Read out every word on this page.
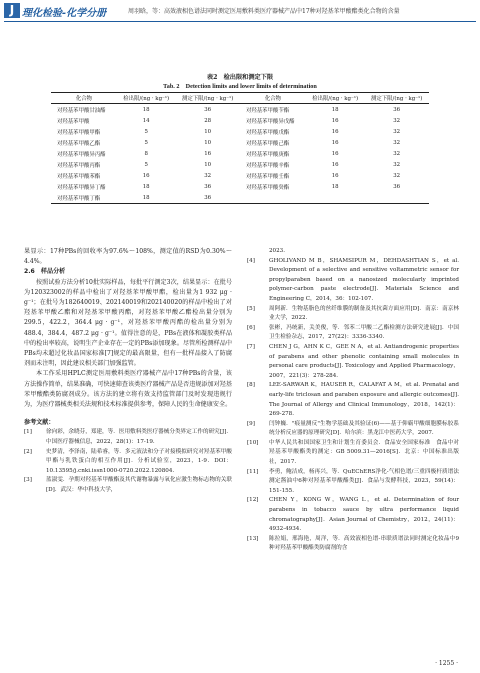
J 理化检验-化学分册	周羽晗，等：高效液相色谱法同时测定医用敷料类医疗器械产品中17种对羟基苯甲酸酯类化合物的含量
表2　检出限和测定下限
Tab. 2　Detection limits and lower limits of determination
化合物	检出限/(ng · kg⁻¹)	测定下限/(ng · kg⁻¹)	化合物	检出限/(ng · kg⁻¹)	测定下限/(ng · kg⁻¹)
对羟基苯甲酸甘油酯	18	36	对羟基苯甲酸苄酯	18	36
对羟基苯甲酸	14	28	对羟基苯甲酸异戊酯	16	32
对羟基苯甲酸甲酯	5	10	对羟基苯甲酸戊酯	16	32
对羟基苯甲酸乙酯	5	10	对羟基苯甲酸己酯	16	32
对羟基苯甲酸异丙酯	8	16	对羟基苯甲酸庚酯	16	32
对羟基苯甲酸丙酯	5	10	对羟基苯甲酸辛酯	16	32
对羟基苯甲酸苯酯	16	32	对羟基苯甲酸壬酯	16	32
对羟基苯甲酸异丁酯	18	36	对羟基苯甲酸癸酯	18	36
对羟基苯甲酸丁酯	18	36			

果显示：17种PBs的回收率为97.6%～108%，测定值的RSD为0.30%～4.4%。

2.6　样品分析

按照试验方法分析10批实际样品，每批平行测定3次，结果显示：在批号为120323002的样品中检出了对羟基苯甲酸甲酯，检出量为1 932 μg · g⁻¹；在批号为182640019、202140019和202140020的样品中检出了对羟基苯甲酸乙酯和对羟基苯甲酸丙酯，对羟基苯甲酸乙酯检出量分别为299.5，422.2，364.4 μg · g⁻¹，对羟基苯甲酸丙酯的检出量分别为488.4，384.4，487.2 μg · g⁻¹。值得注意的是，PBs在液体和凝胶类样品中的检出率较高，说明生产企业存在一定的PBs添加现象。尽管所检测样品中PBs均未超过化妆品国家标准[7]规定的最高限量，但有一批样品接入了防腐剂而未注明，因此建议相关部门加强监管。

本工作采用HPLC测定医用敷料类医疗器械产品中17种PBs的含量，该方法操作简单，结果准确，可快速筛查该类医疗器械产品是否违规添加对羟基苯甲酸酯类防腐剂成分。该方法的建立将有效支持监管部门及时发现违规行为，为医疗器械类相关法规和技术标准提供参考，保障人民的生命健康安全。

参考文献：

[1]	徐向彩，余晓芬，郑建，等．医用敷料类医疗器械分类界定工作的研究[J]．中国医疗器械信息，2022，28(1)：17-19.

[2]	史梦清，李泽南，陆希睿，等．多元液法和分子对接模拟研究对羟基苯甲酸甲酯与乳铁蛋白的相互作用[J]．分析试验室，2023，1-9．DOI：10.13595/j.cnki.issn1000-0720.2022.120804.

[3]	蓝淑雯．孕期对羟基苯甲酸酯及其代谢物暴露与氧化应激生物标志物的关联[D]．武汉：华中科技大学，

2023.

[4]	GHOLIVAND M B，SHAMSIPUR M，DEHDASHTIAN S，et al. Development of a selective and sensitive voltammetric sensor for propylparaben based on a nanosized molecularly imprinted polymer-carbon paste electrode[J]. Materials Science and Engineering C，2014，36：102-107.

[5]	周阿新．生物基脂色的丝纤维膜的制备及其抗菌方面应用[D]．南京：南京林业大学，2022.

[6]	张彬，冯统新，关美俊，等．邻苯二甲酸二乙酯检测方法研究进展[J]．中国卫生检验杂志，2017，27(22)：3336-3340.

[7]	CHEN J G，AHN K C，GEE N A，et al. Antiandrogenic properties of parabens and other phenolic containing small molecules in personal care products[J]. Toxicology and Applied Pharmacology，2007，221(3)：278-284.

[8]	LEE-SARWAR K，HAUSER R，CALAFAT A M，et al. Prenatal and early-life triclosan and paraben exposure and allergic outcomes[J]. The Journal of Allergy and Clinical Immunology，2018，142(1)：269-278.

[9]	闫钟巍．"痕量测反"生物学基础及其验证(6)——基于仰霸甲酸细胞膜标胶系统分析反应器的原理研究[D]．哈尔滨：黑龙江中医药大学，2007.

[10] 中华人民共和国国家卫生和计划生育委员会．食品安全国家标准　食品中对羟基苯甲酸酯类的测定：GB 5009.31—2016[S]．北京：中国标准出版社，2017.

[11] 李勇，鲍洁成，杨再兴，等．QuEChERS净化-气相色谱/三重四极杆质谱法测定酱油中6种对羟基苯甲酸酯类[J]．食品与发酵科技，2023，59(14)：151-155.

[12] CHEN Y，KONG W，WANG L，et al. Determination of four parabens in tobacco sauce by ultra performance liquid chromatography[J]．Asian Journal of Chemistry，2012，24(11)：4932-4934.

[13] 陈拉娟，邢海艳，周洋，等．高效液相色谱-串联质谱法同时测定化妆品中9种对羟基苯甲酸酯类防腐剂的含

· 1255 ·
